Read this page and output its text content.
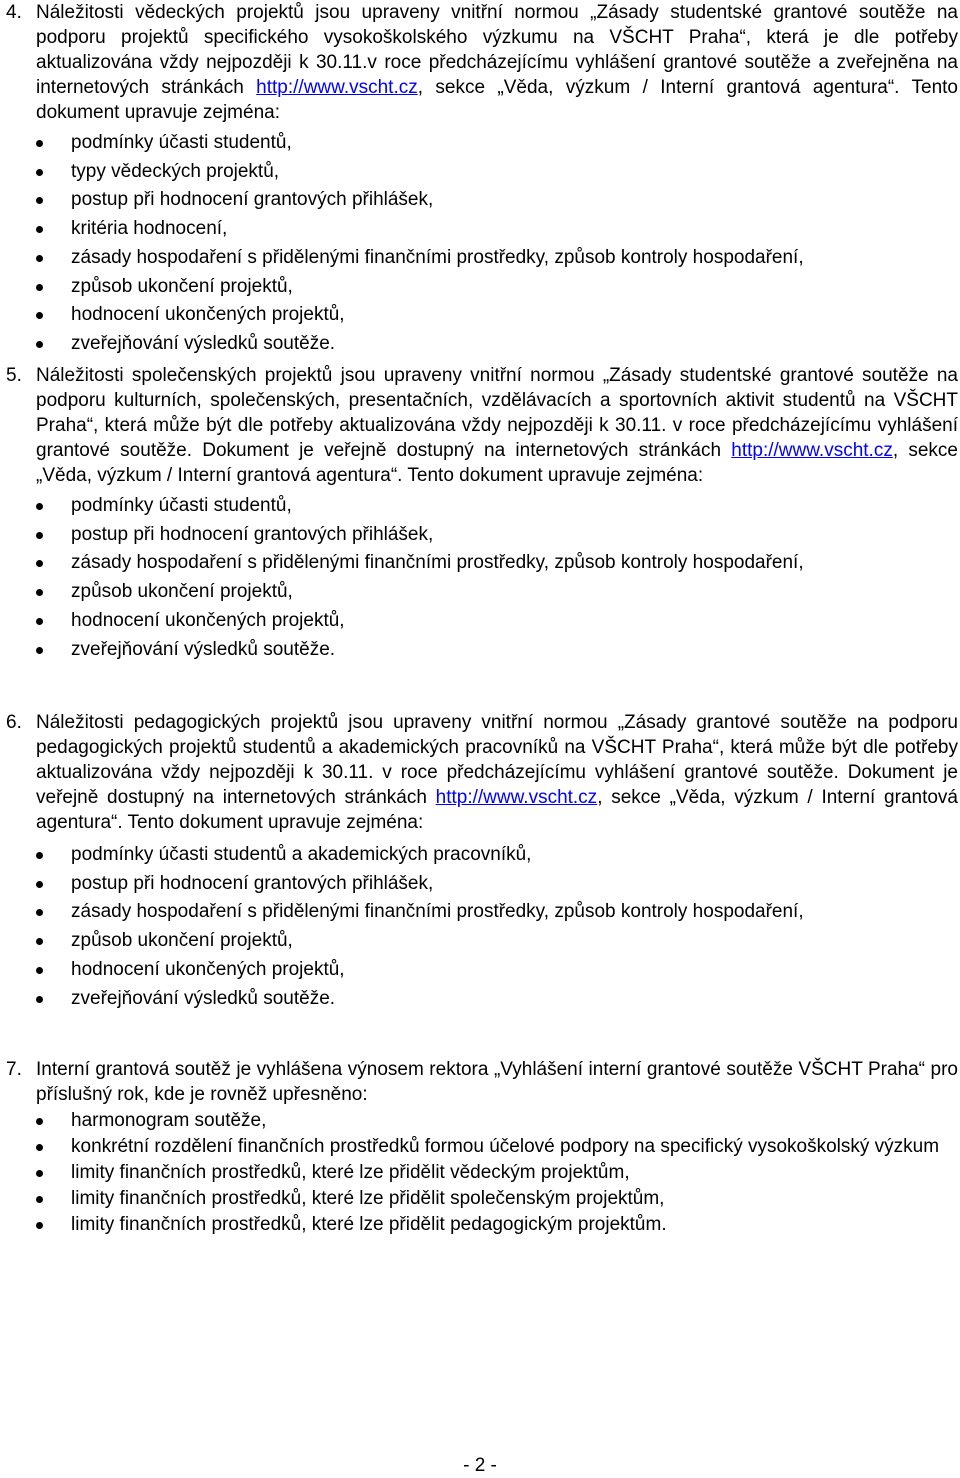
4. Náležitosti vědeckých projektů jsou upraveny vnitřní normou „Zásady studentské grantové soutěže na podporu projektů specifického vysokoškolského výzkumu na VŠCHT Praha“, která je dle potřeby aktualizována vždy nejpozději k 30.11.v roce předcházejícímu vyhlášení grantové soutěže a zveřejněna na internetových stránkách http://www.vscht.cz, sekce „Věda, výzkum / Interní grantová agentura“. Tento dokument upravuje zejména:
podmínky účasti studentů,
typy vědeckých projektů,
postup při hodnocení grantových přihlášek,
kritéria hodnocení,
zásady hospodaření s přidělenými finančními prostředky, způsob kontroly hospodaření,
způsob ukončení projektů,
hodnocení ukončených projektů,
zveřejňování výsledků soutěže.
5. Náležitosti společenských projektů jsou upraveny vnitřní normou „Zásady studentské grantové soutěže na podporu kulturních, společenských, presentačních, vzdělávacích a sportovních aktivit studentů na VŠCHT Praha“, která může být dle potřeby aktualizována vždy nejpozději k 30.11. v roce předcházejícímu vyhlášení grantové soutěže. Dokument je veřejně dostupný na internetových stránkách http://www.vscht.cz, sekce „Věda, výzkum / Interní grantová agentura“. Tento dokument upravuje zejména:
podmínky účasti studentů,
postup při hodnocení grantových přihlášek,
zásady hospodaření s přidělenými finančními prostředky, způsob kontroly hospodaření,
způsob ukončení projektů,
hodnocení ukončených projektů,
zveřejňování výsledků soutěže.
6. Náležitosti pedagogických projektů jsou upraveny vnitřní normou „Zásady grantové soutěže na podporu pedagogických projektů studentů a akademických pracovníků na VŠCHT Praha“, která může být dle potřeby aktualizována vždy nejpozději k 30.11. v roce předcházejícímu vyhlášení grantové soutěže. Dokument je veřejně dostupný na internetových stránkách http://www.vscht.cz, sekce „Věda, výzkum / Interní grantová agentura“. Tento dokument upravuje zejména:
podmínky účasti studentů a akademických pracovníků,
postup při hodnocení grantových přihlášek,
zásady hospodaření s přidělenými finančními prostředky, způsob kontroly hospodaření,
způsob ukončení projektů,
hodnocení ukončených projektů,
zveřejňování výsledků soutěže.
7. Interní grantová soutěž je vyhlášena výnosem rektora „Vyhlášení interní grantové soutěže VŠCHT Praha“ pro příslušný rok, kde je rovněž upřesněno:
harmonogram soutěže,
konkrétní rozdělení finančních prostředků formou účelové podpory na specifický vysokoškolský výzkum
limity finančních prostředků, které lze přidělit vědeckým projektům,
limity finančních prostředků, které lze přidělit společenským projektům,
limity finančních prostředků, které lze přidělit pedagogickým projektům.
- 2 -
